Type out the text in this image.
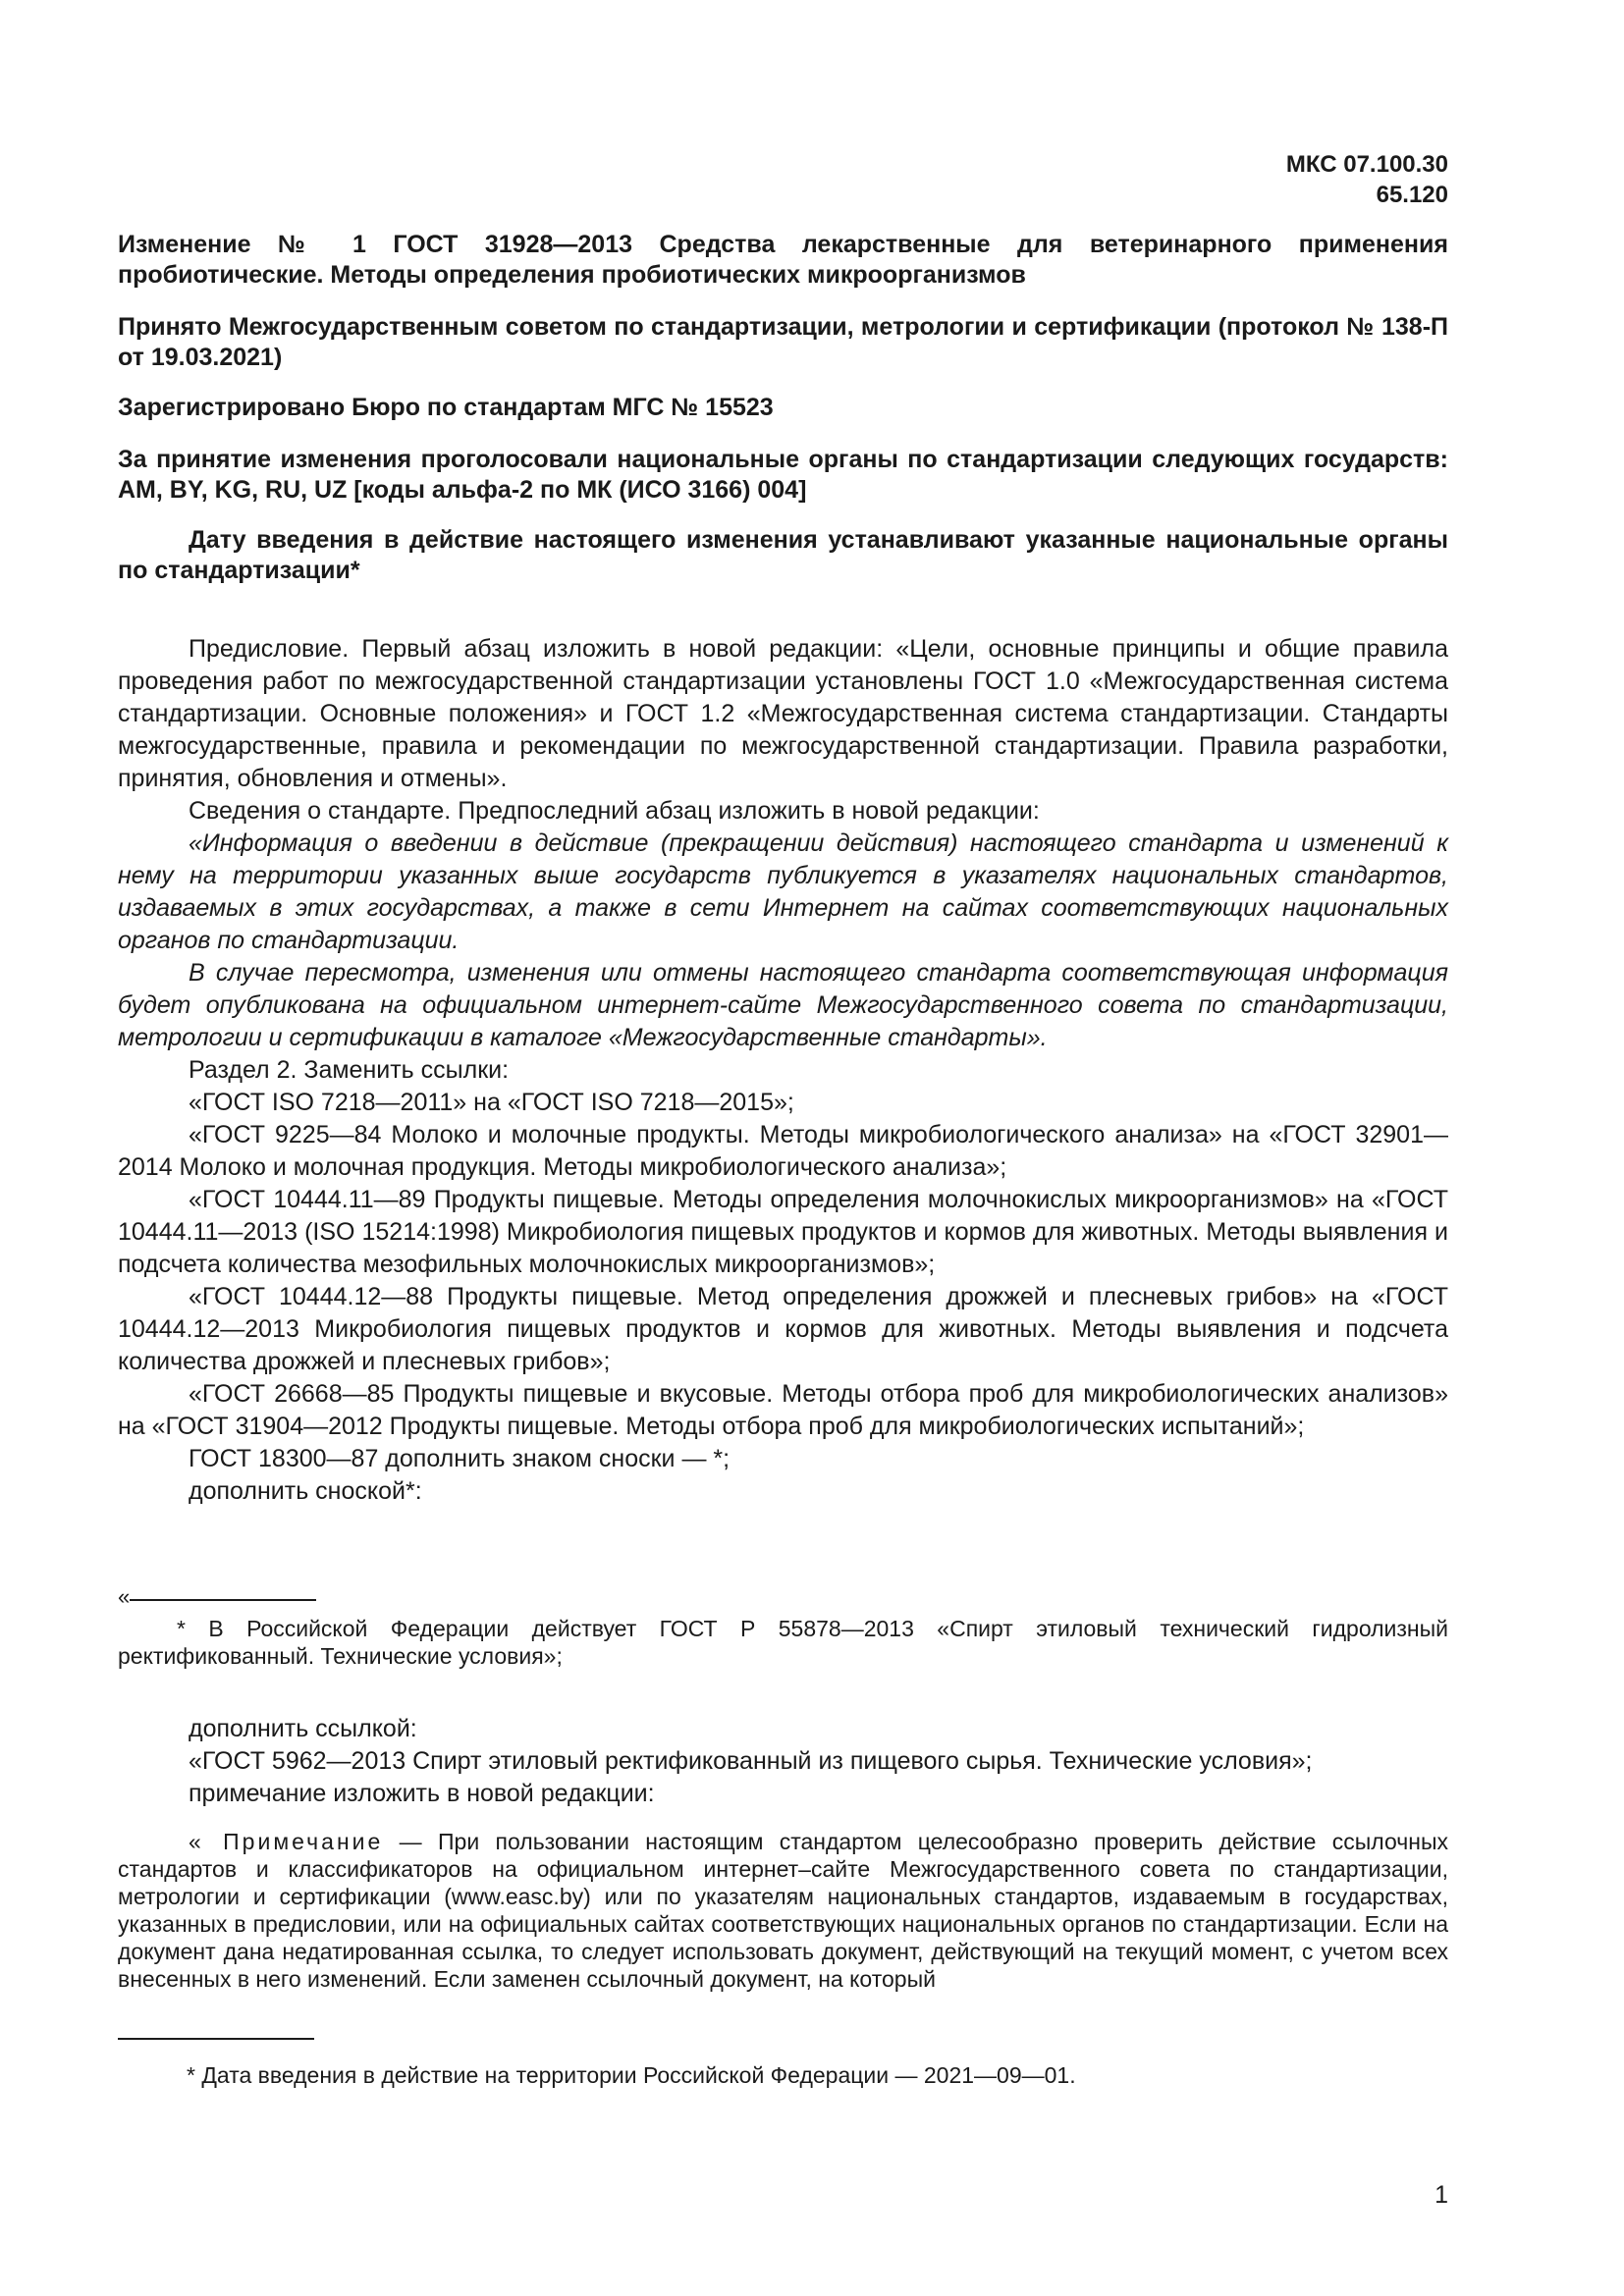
МКС 07.100.30
65.120

Изменение № 1 ГОСТ 31928—2013 Средства лекарственные для ветеринарного применения пробиотические. Методы определения пробиотических микроорганизмов

Принято Межгосударственным советом по стандартизации, метрологии и сертификации (протокол № 138-П от 19.03.2021)

Зарегистрировано Бюро по стандартам МГС № 15523

За принятие изменения проголосовали национальные органы по стандартизации следующих государств: AM, BY, KG, RU, UZ [коды альфа-2 по МК (ИСО 3166) 004]

Дату введения в действие настоящего изменения устанавливают указанные национальные органы по стандартизации*

Предисловие. Первый абзац изложить в новой редакции: «Цели, основные принципы и общие правила проведения работ по межгосударственной стандартизации установлены ГОСТ 1.0 «Межгосударственная система стандартизации. Основные положения» и ГОСТ 1.2 «Межгосударственная система стандартизации. Стандарты межгосударственные, правила и рекомендации по межгосударственной стандартизации. Правила разработки, принятия, обновления и отмены».

Сведения о стандарте. Предпоследний абзац изложить в новой редакции:

«Информация о введении в действие (прекращении действия) настоящего стандарта и изменений к нему на территории указанных выше государств публикуется в указателях национальных стандартов, издаваемых в этих государствах, а также в сети Интернет на сайтах соответствующих национальных органов по стандартизации.

В случае пересмотра, изменения или отмены настоящего стандарта соответствующая информация будет опубликована на официальном интернет-сайте Межгосударственного совета по стандартизации, метрологии и сертификации в каталоге «Межгосударственные стандарты».

Раздел 2. Заменить ссылки:

«ГОСТ ISO 7218—2011» на «ГОСТ ISO 7218—2015»;

«ГОСТ 9225—84 Молоко и молочные продукты. Методы микробиологического анализа» на «ГОСТ 32901—2014 Молоко и молочная продукция. Методы микробиологического анализа»;

«ГОСТ 10444.11—89 Продукты пищевые. Методы определения молочнокислых микроорганизмов» на «ГОСТ 10444.11—2013 (ISO 15214:1998) Микробиология пищевых продуктов и кормов для животных. Методы выявления и подсчета количества мезофильных молочнокислых микроорганизмов»;

«ГОСТ 10444.12—88 Продукты пищевые. Метод определения дрожжей и плесневых грибов» на «ГОСТ 10444.12—2013 Микробиология пищевых продуктов и кормов для животных. Методы выявления и подсчета количества дрожжей и плесневых грибов»;

«ГОСТ 26668—85 Продукты пищевые и вкусовые. Методы отбора проб для микробиологических анализов» на «ГОСТ 31904—2012 Продукты пищевые. Методы отбора проб для микробиологических испытаний»;

ГОСТ 18300—87 дополнить знаком сноски — *;

дополнить сноской*:

«

* В Российской Федерации действует ГОСТ Р 55878—2013 «Спирт этиловый технический гидролизный ректификованный. Технические условия»;

дополнить ссылкой:

«ГОСТ 5962—2013 Спирт этиловый ректификованный из пищевого сырья. Технические условия»;

примечание изложить в новой редакции:

« Примечание — При пользовании настоящим стандартом целесообразно проверить действие ссылочных стандартов и классификаторов на официальном интернет–сайте Межгосударственного совета по стандартизации, метрологии и сертификации (www.easc.by) или по указателям национальных стандартов, издаваемым в государствах, указанных в предисловии, или на официальных сайтах соответствующих национальных органов по стандартизации. Если на документ дана недатированная ссылка, то следует использовать документ, действующий на текущий момент, с учетом всех внесенных в него изменений. Если заменен ссылочный документ, на который

* Дата введения в действие на территории Российской Федерации — 2021—09—01.

1
